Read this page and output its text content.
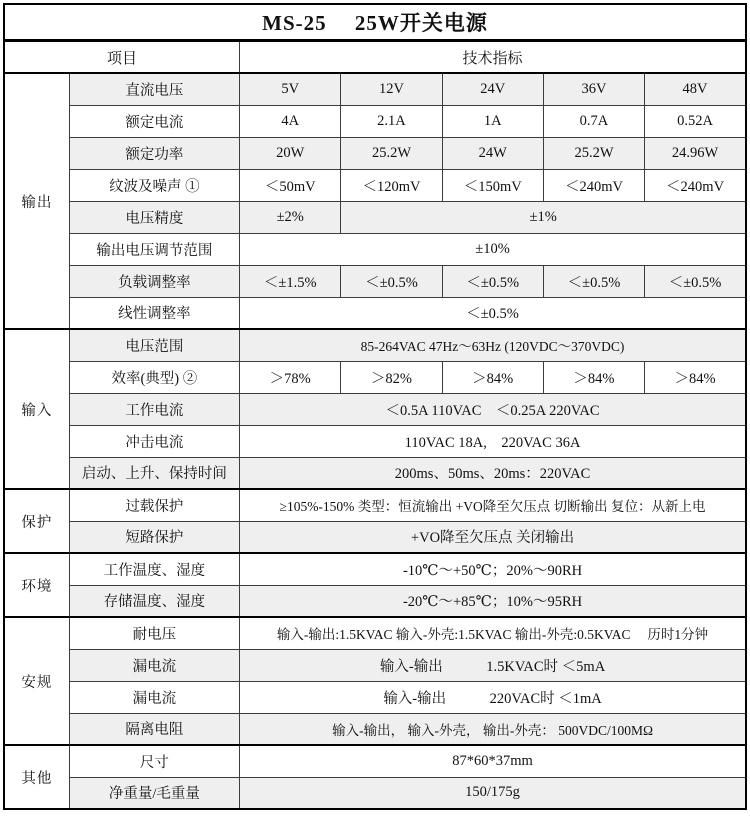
MS-25　 25W开关电源						
项目		技术指标				
输出	直流电压	5V	12V	24V	36V	48V
	额定电流	4A	2.1A	1A	0.7A	0.52A
	额定功率	20W	25.2W	24W	25.2W	24.96W
	纹波及噪声 ①	＜50mV	＜120mV	＜150mV	＜240mV	＜240mV
	电压精度	±2%	±1%			
	输出电压调节范围	±10%				
	负载调整率	＜±1.5%	＜±0.5%	＜±0.5%	＜±0.5%	＜±0.5%
	线性调整率	＜±0.5%				
输入	电压范围	85-264VAC 47Hz～63Hz (120VDC～370VDC)				
	效率(典型) ②	＞78%	＞82%	＞84%	＞84%	＞84%
	工作电流	＜0.5A 110VAC　＜0.25A 220VAC				
	冲击电流	110VAC 18A,　220VAC 36A				
	启动、上升、保持时间	200ms、50ms、20ms：220VAC				
保护	过载保护	≥105%-150% 类型：恒流输出 +VO降至欠压点 切断输出 复位：从新上电				
	短路保护	+VO降至欠压点 关闭输出				
环境	工作温度、湿度	-10℃～+50℃；20%～90RH				
	存储温度、湿度	-20℃～+85℃；10%～95RH				
安规	耐电压	输入-输出:1.5KVAC 输入-外壳:1.5KVAC 输出-外壳:0.5KVAC　 历时1分钟				
	漏电流	输入-输出　　　1.5KVAC时 ＜5mA				
	漏电流	输入-输出　　　220VAC时 ＜1mA				
	隔离电阻	输入-输出， 输入-外壳， 输出-外壳： 500VDC/100MΩ				
其他	尺寸	87*60*37mm				
	净重量/毛重量	150/175g				
